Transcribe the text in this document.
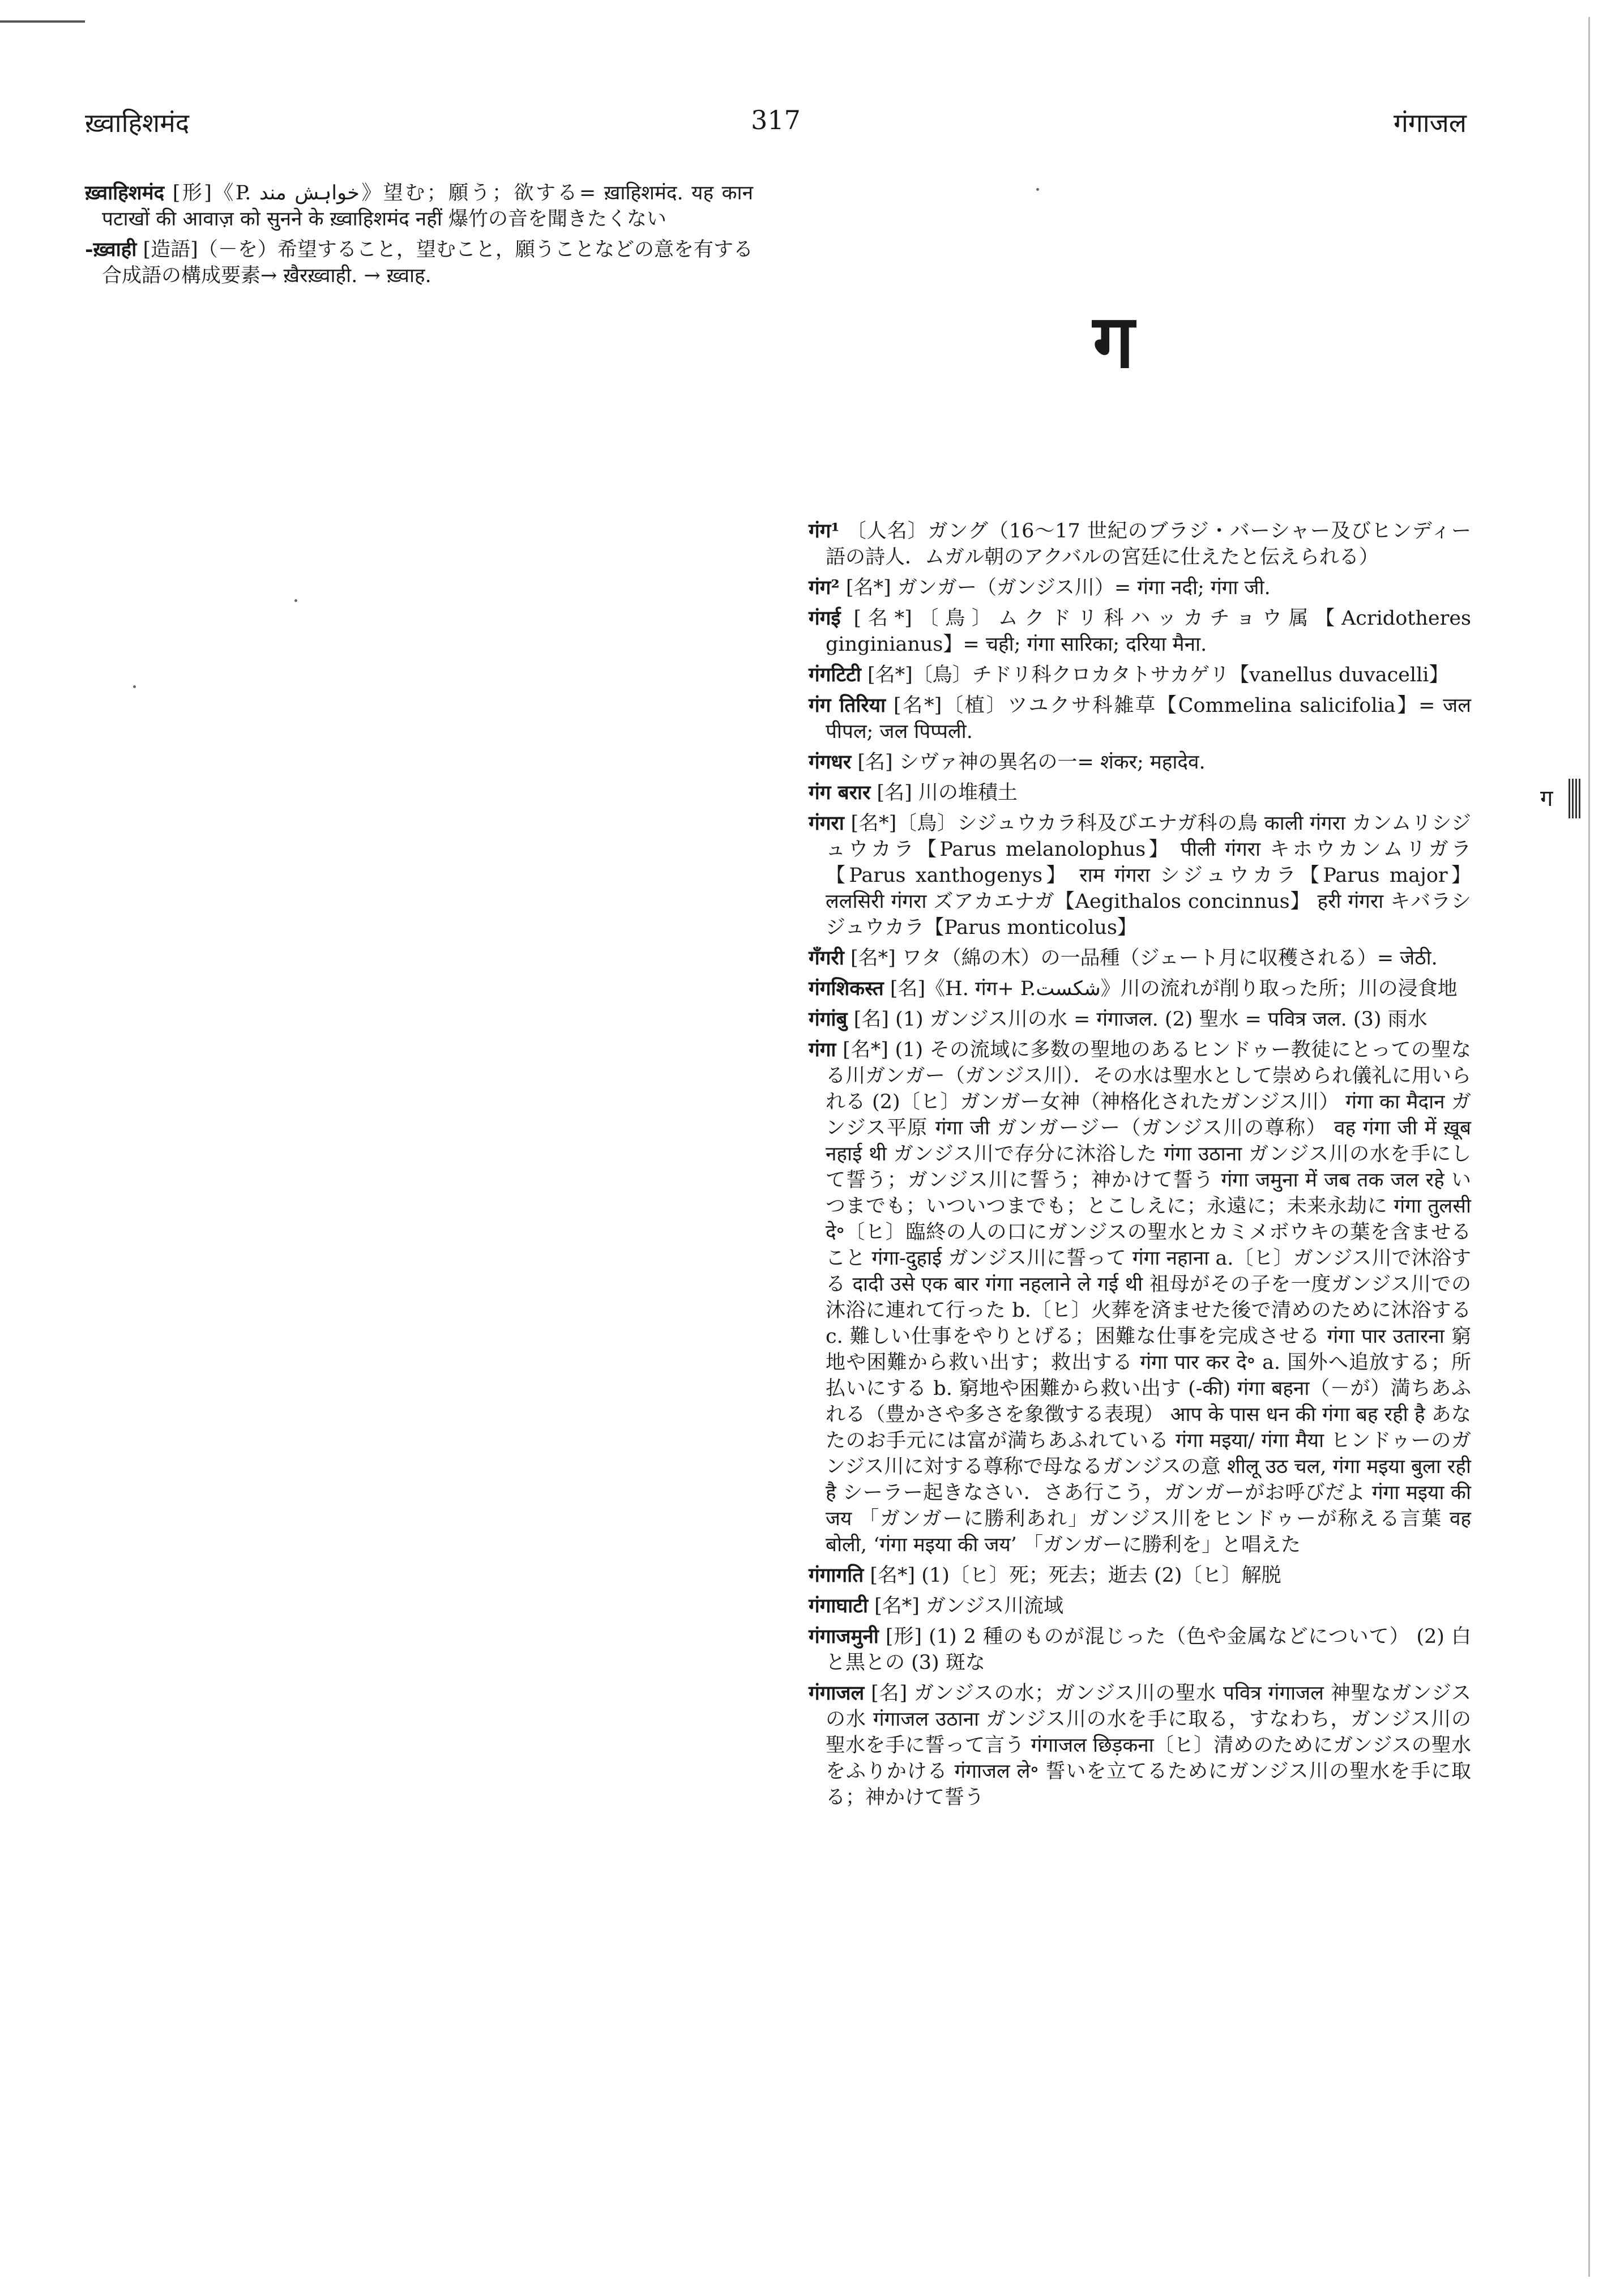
317
ख़्वाहिशमंद	गंगाजल

ख़्वाहिशमंद [形]《P. خواہش مند》望む；願う；欲する= ख़ाहिशमंद. यह कान पटाखों की आवाज़ को सुनने के ख़्वाहिशमंद नहीं 爆竹の音を聞きたくない

-ख़्वाही [造語]（－を）希望すること，望むこと，願うことなどの意を有する合成語の構成要素→ ख़ैरख़्वाही. → ख़्वाह.

ग

गंग¹ 〔人名〕ガング（16～17 世紀のブラジ・バーシャー及びヒンディー語の詩人．ムガル朝のアクバルの宮廷に仕えたと伝えられる）

गंग² [名*] ガンガー（ガンジス川）= गंगा नदी; गंगा जी.

गंगई [名*]〔鳥〕ムクドリ科ハッカチョウ属【Acridotheres ginginianus】= चही; गंगा सारिका; दरिया मैना.

गंगटिटी [名*]〔鳥〕チドリ科クロカタトサカゲリ【vanellus duvacelli】

गंग तिरिया [名*]〔植〕ツユクサ科雑草【Commelina salicifolia】= जल पीपल; जल पिप्पली.

गंगधर [名] シヴァ神の異名の一= शंकर; महादेव.

गंग बरार [名] 川の堆積土

गंगरा [名*]〔鳥〕シジュウカラ科及びエナガ科の鳥 काली गंगरा カンムリシジュウカラ【Parus melanolophus】 पीली गंगरा キホウカンムリガラ【Parus xanthogenys】 राम गंगरा シジュウカラ【Parus major】 ललसिरी गंगरा ズアカエナガ【Aegithalos concinnus】 हरी गंगरा キバラシジュウカラ【Parus monticolus】

गँगरी [名*] ワタ（綿の木）の一品種（ジェート月に収穫される）= जेठी.

गंगशिकस्त [名]《H. गंग+ P.شکست》川の流れが削り取った所；川の浸食地

गंगांबु [名] (1) ガンジス川の水 = गंगाजल. (2) 聖水 = पवित्र जल. (3) 雨水

गंगा [名*] (1) その流域に多数の聖地のあるヒンドゥー教徒にとっての聖なる川ガンガー（ガンジス川）．その水は聖水として崇められ儀礼に用いられる (2)〔ヒ〕ガンガー女神（神格化されたガンジス川） गंगा का मैदान ガンジス平原 गंगा जी ガンガージー（ガンジス川の尊称） वह गंगा जी में ख़ूब नहाई थी ガンジス川で存分に沐浴した गंगा उठाना ガンジス川の水を手にして誓う；ガンジス川に誓う；神かけて誓う गंगा जमुना में जब तक जल रहे いつまでも；いついつまでも；とこしえに；永遠に；未来永劫に गंगा तुलसी दे॰〔ヒ〕臨終の人の口にガンジスの聖水とカミメボウキの葉を含ませること गंगा-दुहाई ガンジス川に誓って गंगा नहाना a.〔ヒ〕ガンジス川で沐浴する दादी उसे एक बार गंगा नहलाने ले गई थी 祖母がその子を一度ガンジス川での沐浴に連れて行った b.〔ヒ〕火葬を済ませた後で清めのために沐浴する c. 難しい仕事をやりとげる；困難な仕事を完成させる गंगा पार उतारना 窮地や困難から救い出す；救出する गंगा पार कर दे॰ a. 国外へ追放する；所払いにする b. 窮地や困難から救い出す (-की) गंगा बहना（－が）満ちあふれる（豊かさや多さを象徴する表現） आप के पास धन की गंगा बह रही है あなたのお手元には富が満ちあふれている गंगा मइया/ गंगा मैया ヒンドゥーのガンジス川に対する尊称で母なるガンジスの意 शीलू उठ चल, गंगा मइया बुला रही है シーラー起きなさい．さあ行こう，ガンガーがお呼びだよ गंगा मइया की जय 「ガンガーに勝利あれ」ガンジス川をヒンドゥーが称える言葉 वह बोली, ‘गंगा मइया की जय’ 「ガンガーに勝利を」と唱えた

गंगागति [名*] (1)〔ヒ〕死；死去；逝去 (2)〔ヒ〕解脱

गंगाघाटी [名*] ガンジス川流域

गंगाजमुनी [形] (1) 2 種のものが混じった（色や金属などについて） (2) 白と黒との (3) 斑な

गंगाजल [名] ガンジスの水；ガンジス川の聖水 पवित्र गंगाजल 神聖なガンジスの水 गंगाजल उठाना ガンジス川の水を手に取る，すなわち，ガンジス川の聖水を手に誓って言う गंगाजल छिड़कना〔ヒ〕清めのためにガンジスの聖水をふりかける गंगाजल ले॰ 誓いを立てるためにガンジス川の聖水を手に取る；神かけて誓う

ग
